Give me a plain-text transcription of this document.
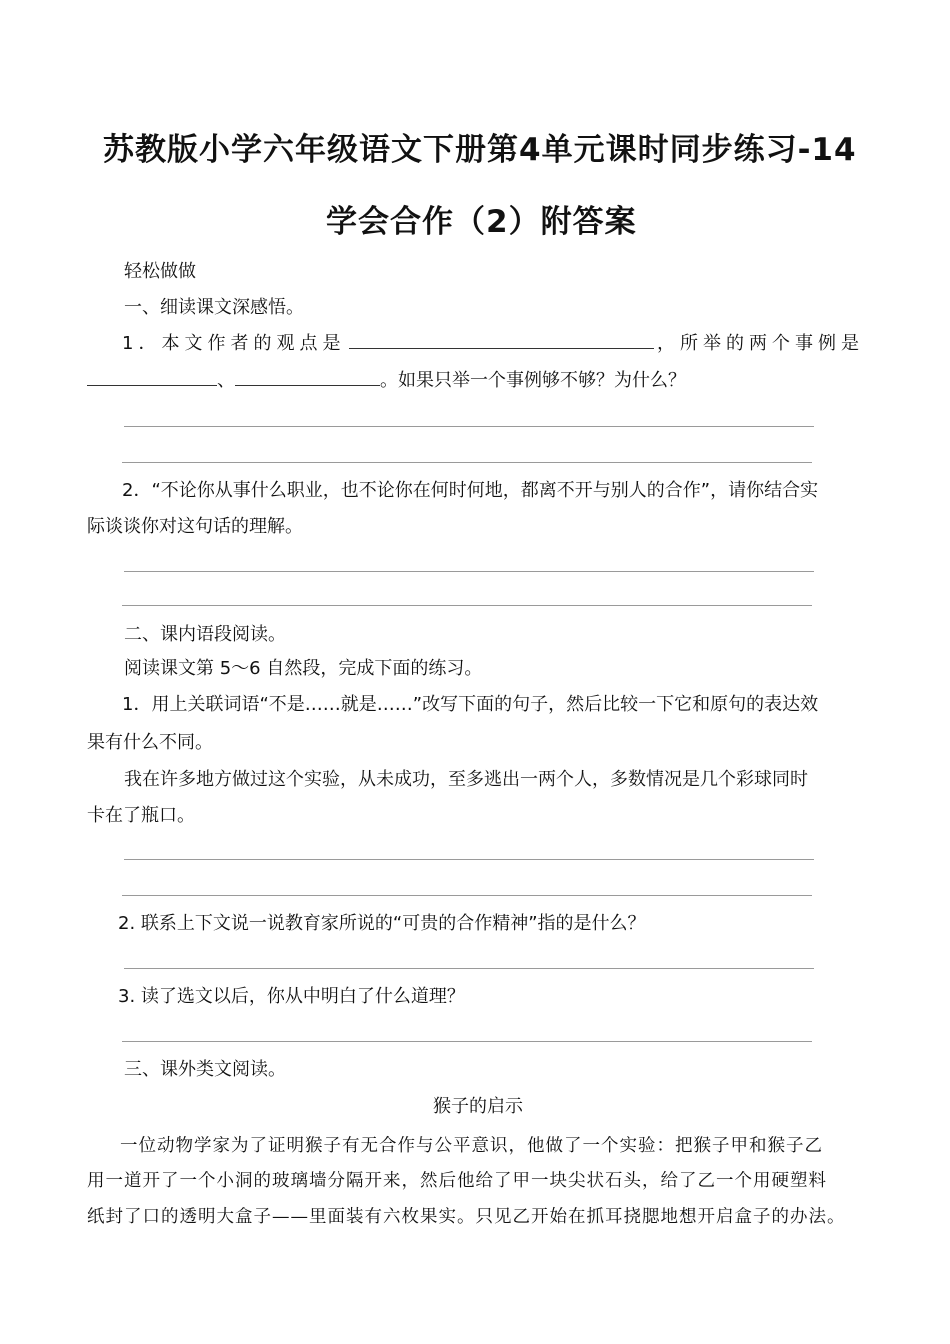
苏教版小学六年级语文下册第4单元课时同步练习-14
学会合作（2）附答案
轻松做做
一、细读课文深感悟。
1．本文作者的观点是	，所举的两个事例是
、	。如果只举一个事例够不够？为什么？
2．“不论你从事什么职业，也不论你在何时何地，都离不开与别人的合作”，请你结合实
际谈谈你对这句话的理解。
二、课内语段阅读。
阅读课文第 5～6 自然段，完成下面的练习。
1．用上关联词语“不是……就是……”改写下面的句子，然后比较一下它和原句的表达效
果有什么不同。
我在许多地方做过这个实验，从未成功，至多逃出一两个人，多数情况是几个彩球同时
卡在了瓶口。
2. 联系上下文说一说教育家所说的“可贵的合作精神”指的是什么？
3. 读了选文以后，你从中明白了什么道理？
三、课外类文阅读。
猴子的启示
一位动物学家为了证明猴子有无合作与公平意识，他做了一个实验：把猴子甲和猴子乙
用一道开了一个小洞的玻璃墙分隔开来，然后他给了甲一块尖状石头，给了乙一个用硬塑料
纸封了口的透明大盒子——里面装有六枚果实。只见乙开始在抓耳挠腮地想开启盒子的办法。
